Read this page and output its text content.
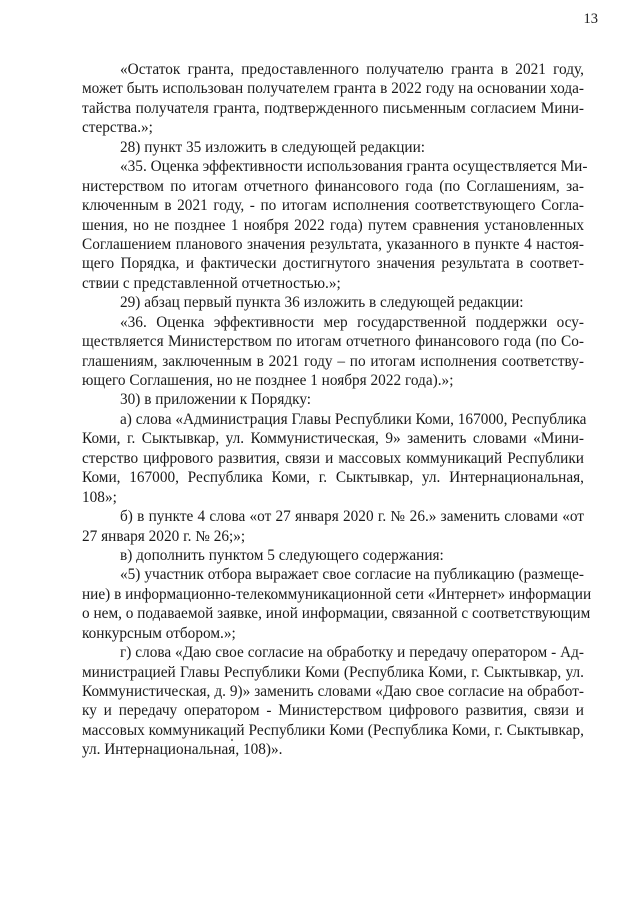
13
«Остаток гранта, предоставленного получателю гранта в 2021 году,
может быть использован получателем гранта в 2022 году на основании хода-
тайства получателя гранта, подтвержденного письменным согласием Мини-
стерства.»;
28) пункт 35 изложить в следующей редакции:
«35. Оценка эффективности использования гранта осуществляется Ми-
нистерством по итогам отчетного финансового года (по Соглашениям, за-
ключенным в 2021 году, - по итогам исполнения соответствующего Согла-
шения, но не позднее 1 ноября 2022 года) путем сравнения установленных
Соглашением планового значения результата, указанного в пункте 4 настоя-
щего Порядка, и фактически достигнутого значения результата в соответ-
ствии с представленной отчетностью.»;
29) абзац первый пункта 36 изложить в следующей редакции:
«36. Оценка эффективности мер государственной поддержки осу-
ществляется Министерством по итогам отчетного финансового года (по Со-
глашениям, заключенным в 2021 году – по итогам исполнения соответству-
ющего Соглашения, но не позднее 1 ноября 2022 года).»;
30) в приложении к Порядку:
а) слова «Администрация Главы Республики Коми, 167000, Республика
Коми, г. Сыктывкар, ул. Коммунистическая, 9» заменить словами «Мини-
стерство цифрового развития, связи и массовых коммуникаций Республики
Коми, 167000, Республика Коми, г. Сыктывкар, ул. Интернациональная,
108»;
б) в пункте 4 слова «от 27 января 2020 г. № 26.» заменить словами «от
27 января 2020 г. № 26;»;
в) дополнить пунктом 5 следующего содержания:
«5) участник отбора выражает свое согласие на публикацию (размеще-
ние) в информационно-телекоммуникационной сети «Интернет» информации
о нем, о подаваемой заявке, иной информации, связанной с соответствующим
конкурсным отбором.»;
г) слова «Даю свое согласие на обработку и передачу оператором - Ад-
министрацией Главы Республики Коми (Республика Коми, г. Сыктывкар, ул.
Коммунистическая, д. 9)» заменить словами «Даю свое согласие на обработ-
ку и передачу оператором - Министерством цифрового развития, связи и
массовых коммуникаций Республики Коми (Республика Коми, г. Сыктывкар,
ул. Интернациональная, 108)».
